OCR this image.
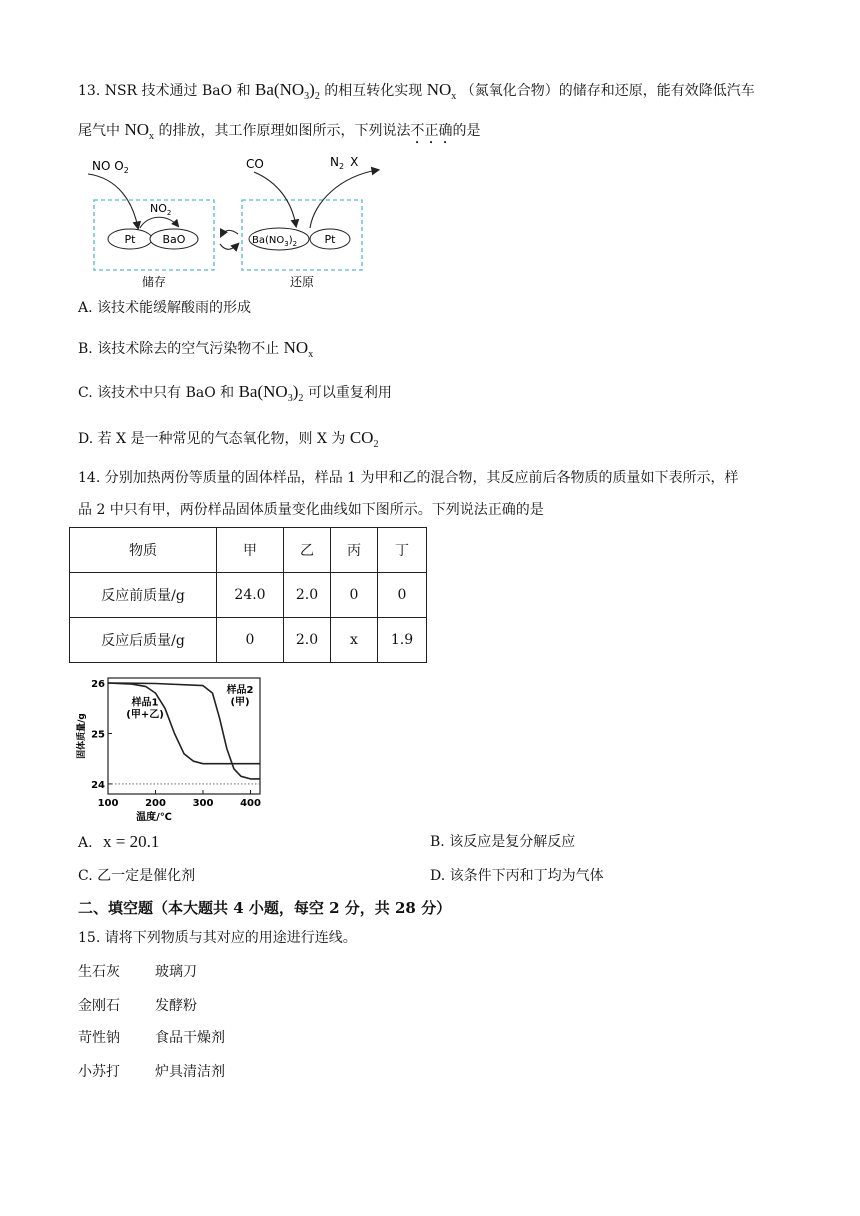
13. NSR 技术通过 BaO 和 $Ba(NO_3)_2$ 的相互转化实现 $NO_x$ （氮氧化合物）的储存和还原，能有效降低汽车
尾气中 $NO_x$ 的排放，其工作原理如图所示，下列说法不正确的是
NO $O_2$
Pt BaO
$NO_2$
CO	$N_2$ X
$Ba(NO_3)_2$ Pt
储存	还原
A. 该技术能缓解酸雨的形成
B. 该技术除去的空气污染物不止 $NO_x$
C. 该技术中只有 BaO 和 $Ba(NO_3)_2$ 可以重复利用
D. 若 X 是一种常见的气态氧化物，则 X 为 $CO_2$
14. 分别加热两份等质量的固体样品，样品 1 为甲和乙的混合物，其反应前后各物质的质量如下表所示，样
品 2 中只有甲，两份样品固体质量变化曲线如下图所示。下列说法正确的是
物质	甲	乙	丙	丁
反应前质量/g	24.0	2.0	0	0
反应后质量/g	0	2.0	x	1.9
100	200	300	400
26
25
24
温度/℃
固体质量/g
样品1
(甲+乙)
样品2
(甲)
A. x = 20.1	B. 该反应是复分解反应
C. 乙一定是催化剂	D. 该条件下丙和丁均为气体
二、填空题（本大题共 4 小题，每空 2 分，共 28 分）
15. 请将下列物质与其对应的用途进行连线。
生石灰	玻璃刀
金刚石	发酵粉
苛性钠	食品干燥剂
小苏打	炉具清洁剂
